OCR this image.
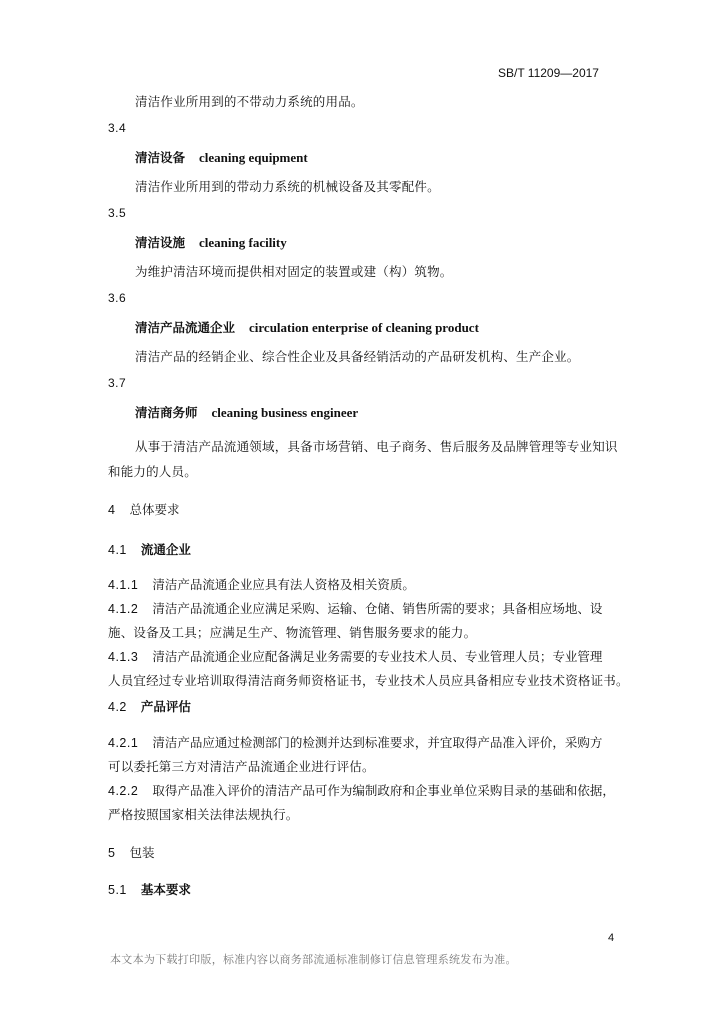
SB/T 11209—2017
清洁作业所用到的不带动力系统的用品。
3.4
清洁设备 cleaning equipment
清洁作业所用到的带动力系统的机械设备及其零配件。
3.5
清洁设施 cleaning facility
为维护清洁环境而提供相对固定的装置或建（构）筑物。
3.6
清洁产品流通企业 circulation enterprise of cleaning product
清洁产品的经销企业、综合性企业及具备经销活动的产品研发机构、生产企业。
3.7
清洁商务师 cleaning business engineer
从事于清洁产品流通领域，具备市场营销、电子商务、售后服务及品牌管理等专业知识
和能力的人员。
4 总体要求
4.1 流通企业
4.1.1 清洁产品流通企业应具有法人资格及相关资质。
4.1.2 清洁产品流通企业应满足采购、运输、仓储、销售所需的要求；具备相应场地、设
施、设备及工具；应满足生产、物流管理、销售服务要求的能力。
4.1.3 清洁产品流通企业应配备满足业务需要的专业技术人员、专业管理人员；专业管理
人员宜经过专业培训取得清洁商务师资格证书，专业技术人员应具备相应专业技术资格证书。
4.2 产品评估
4.2.1 清洁产品应通过检测部门的检测并达到标准要求，并宜取得产品准入评价，采购方
可以委托第三方对清洁产品流通企业进行评估。
4.2.2 取得产品准入评价的清洁产品可作为编制政府和企事业单位采购目录的基础和依据，
严格按照国家相关法律法规执行。
5 包装
5.1 基本要求
4
本文本为下载打印版，标准内容以商务部流通标准制修订信息管理系统发布为准。
